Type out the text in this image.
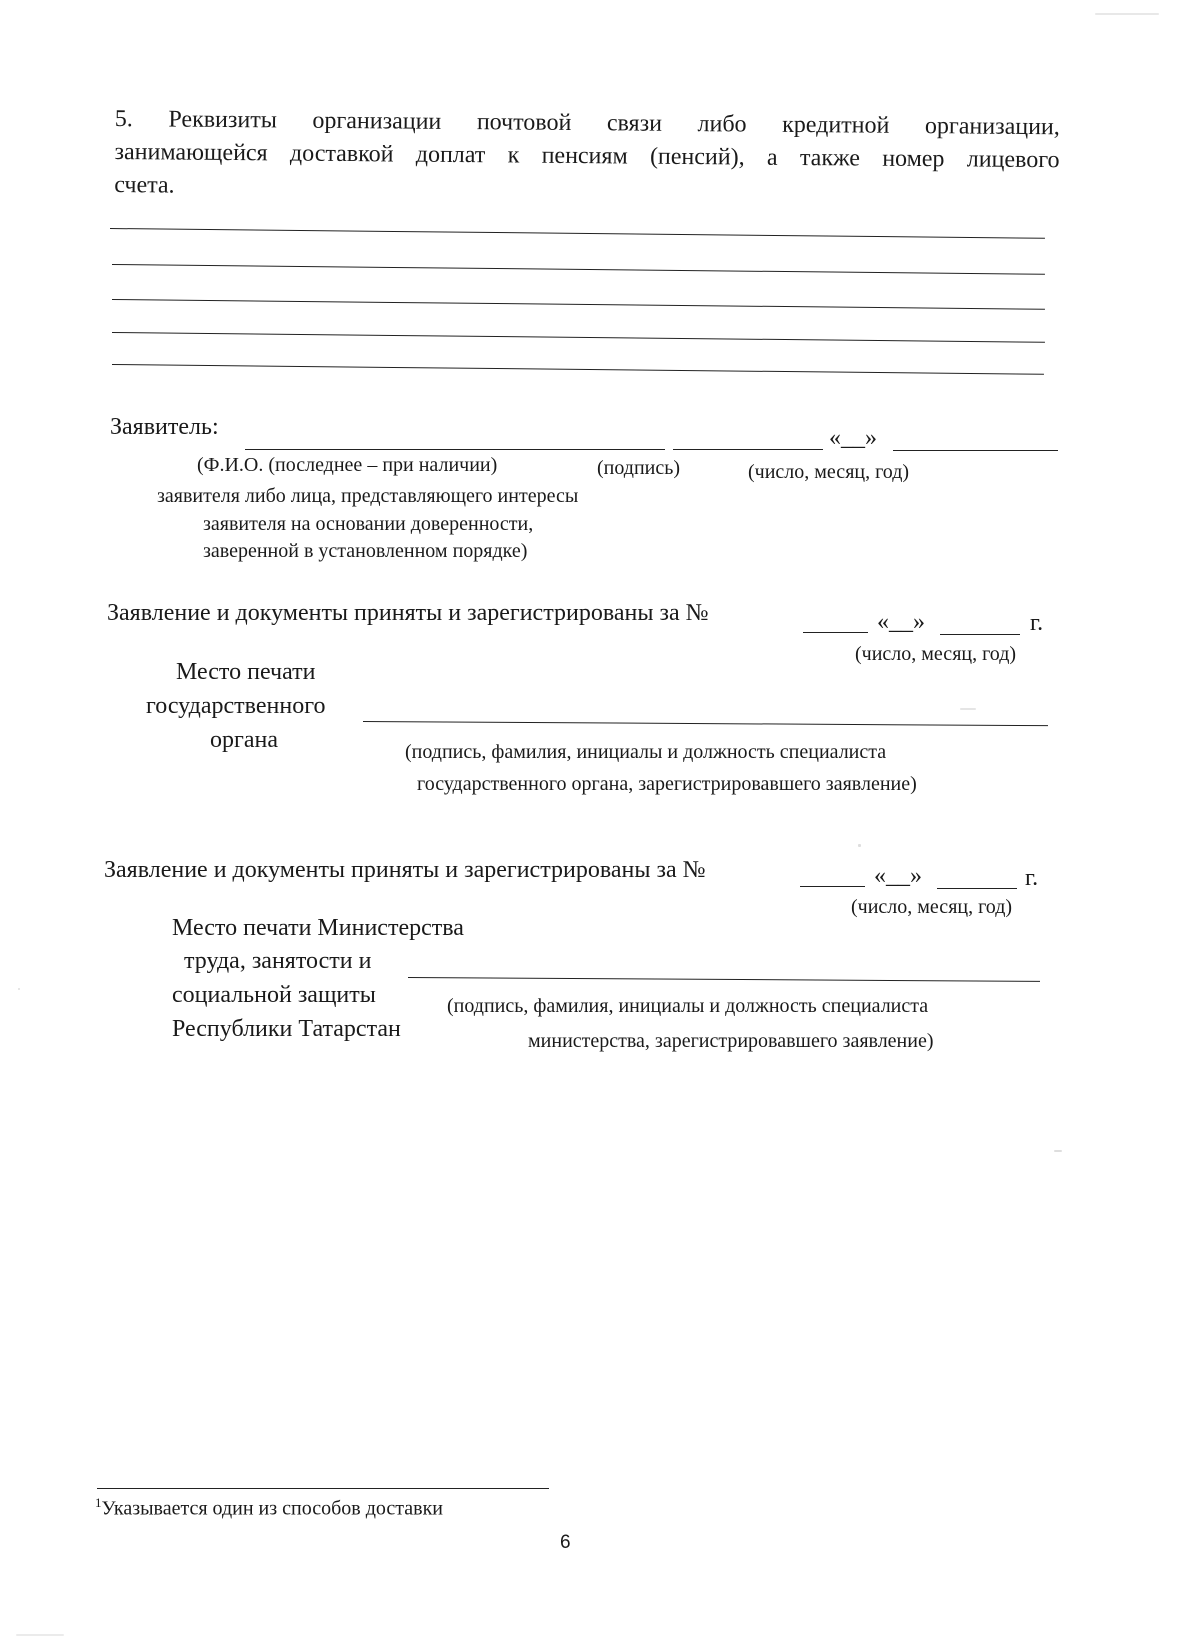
5. Реквизиты организации почтовой связи либо кредитной организации,
занимающейся доставкой доплат к пенсиям (пенсий), а также номер лицевого
счета.
Заявитель:	«__»
(Ф.И.О. (последнее – при наличии)	(подпись)	(число, месяц, год)
заявителя либо лица, представляющего интересы
заявителя на основании доверенности,
заверенной в установленном порядке)
Заявление и документы приняты и зарегистрированы за №	«__»	г.
(число, месяц, год)
Место печати
государственного
органа	(подпись, фамилия, инициалы и должность специалиста
государственного органа, зарегистрировавшего заявление)
Заявление и документы приняты и зарегистрированы за №	«__»	г.
(число, месяц, год)
Место печати Министерства
труда, занятости и
социальной защиты
Республики Татарстан
(подпись, фамилия, инициалы и должность специалиста
министерства, зарегистрировавшего заявление)
$^1$Указывается один из способов доставки
6
